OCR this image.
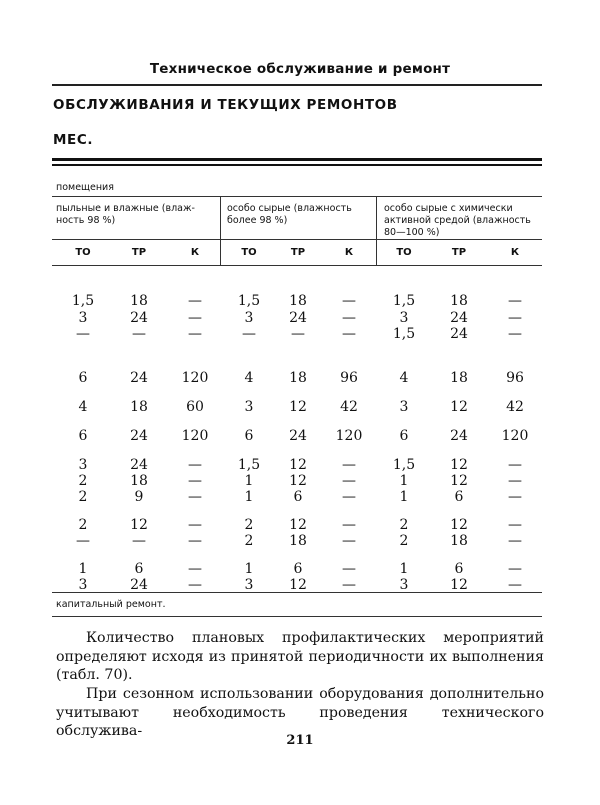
Техническое обслуживание и ремонт
ОБСЛУЖИВАНИЯ И ТЕКУЩИХ РЕМОНТОВ
МЕС.
помещения
пыльные и влажные (влаж-
ность 98 %)
особо сырые (влажность
более 98 %)
особо сырые с химически
активной средой (влажность
80—100 %)
ТО	ТР	К	ТО	ТР	К	ТО	ТР	К
1,5	18	—	1,5	18	—	1,5	18	—
3	24	—	3	24	—	3	24	—
—	—	—	—	—	—	1,5	24	—
6	24	120	4	18	96	4	18	96
4	18	60	3	12	42	3	12	42
6	24	120	6	24	120	6	24	120
3	24	—	1,5	12	—	1,5	12	—
2	18	—	1	12	—	1	12	—
2	9	—	1	6	—	1	6	—
2	12	—	2	12	—	2	12	—
—	—	—	2	18	—	2	18	—
1	6	—	1	6	—	1	6	—
3	24	—	3	12	—	3	12	—
капитальный ремонт.
Количество плановых профилактических мероприятий определяют исходя из принятой периодичности их выполнения (табл. 70).
При сезонном использовании оборудования дополнительно учитывают необходимость проведения технического обслужива-
211
